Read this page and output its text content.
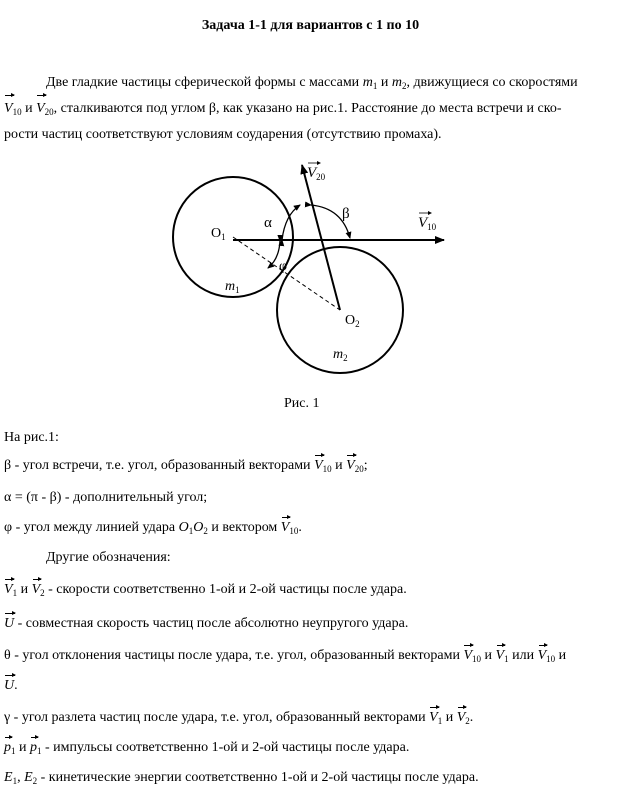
Задача 1-1 для вариантов с 1 по 10
Две гладкие частицы сферической формы с массами $m_1$ и $m_2$, движущиеся со скоростями
$V_{10}$ и $V_{20}$, сталкиваются под углом β, как указано на рис.1. Расстояние до места встречи и ско-
рости частиц соответствуют условиям соударения (отсутствию промаха).
$O_1$
$O_2$
$m_1$
$m_2$
α
β
φ
$V_{10}$
$V_{20}$
Рис. 1
На рис.1:
β - угол встречи, т.е. угол, образованный векторами $V_{10}$ и $V_{20}$;
α = (π - β) - дополнительный угол;
φ - угол между линией удара $O_1O_2$ и вектором $V_{10}$.
Другие обозначения:
$V_1$ и $V_2$ - скорости соответственно 1-ой и 2-ой частицы после удара.
U - совместная скорость частиц после абсолютно неупругого удара.
θ - угол отклонения частицы после удара, т.е. угол, образованный векторами $V_{10}$ и $V_1$ или $V_{10}$ и
U.
γ - угол разлета частиц после удара, т.е. угол, образованный векторами $V_1$ и $V_2$.
$p_1$ и $p_1$ - импульсы соответственно 1-ой и 2-ой частицы после удара.
$E_1$, $E_2$ - кинетические энергии соответственно 1-ой и 2-ой частицы после удара.
